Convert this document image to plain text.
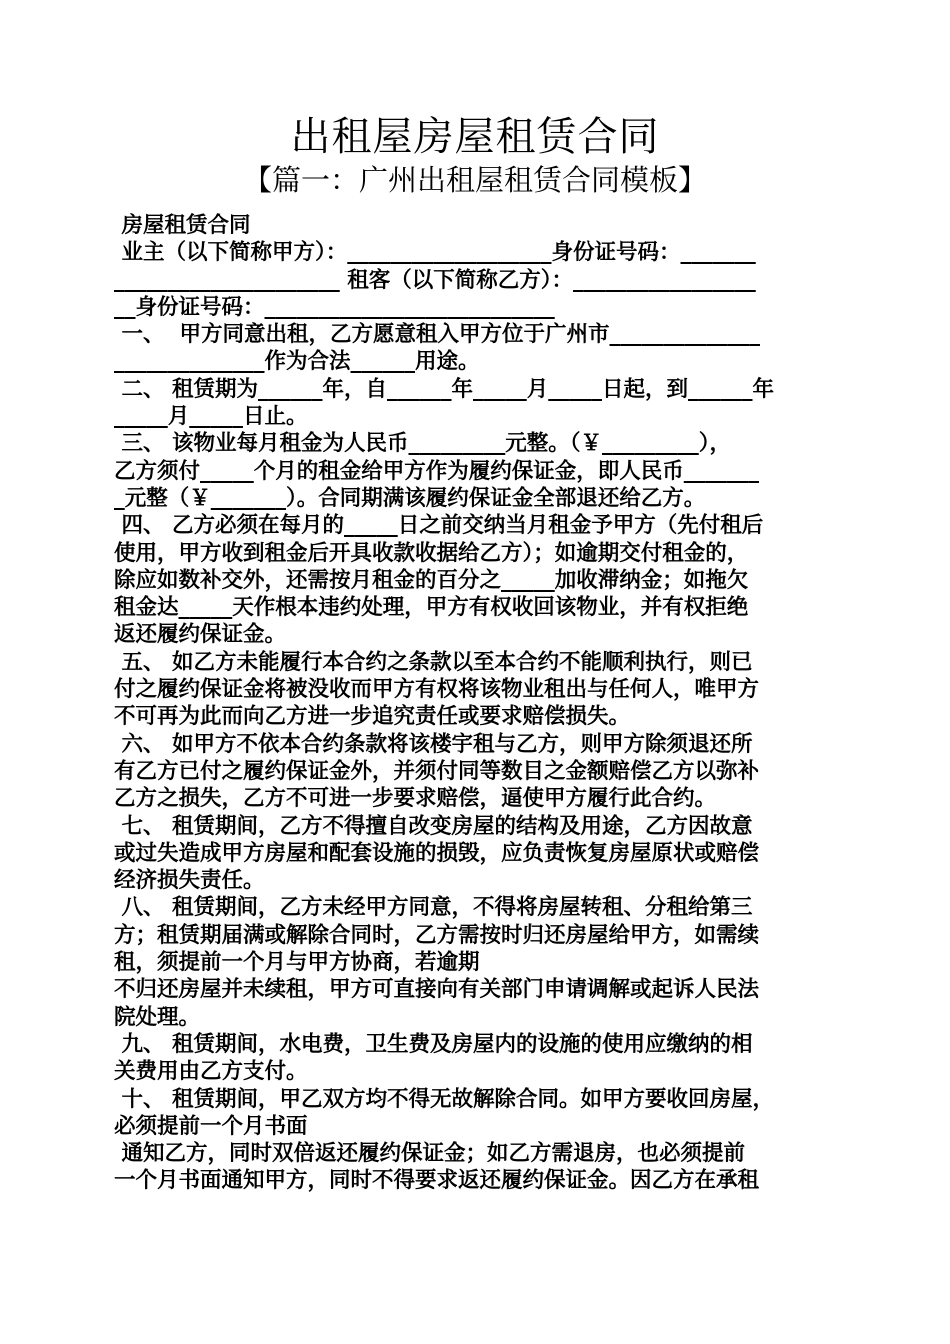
出租屋房屋租赁合同
【篇一：广州出租屋租赁合同模板】
房屋租赁合同
业主（以下简称甲方）：___________________身份证号码：_______
_____________________ 租客（以下简称乙方）：_________________
__身份证号码：___________________________
一、  甲方同意出租，乙方愿意租入甲方位于广州市______________
______________作为合法______用途。
二、 租赁期为______年，自______年_____月_____日起，到______年
_____月_____日止。
三、 该物业每月租金为人民币_________元整。（￥_________），
乙方须付_____个月的租金给甲方作为履约保证金，即人民币_______
_元整（￥_______）。合同期满该履约保证金全部退还给乙方。
四、 乙方必须在每月的_____日之前交纳当月租金予甲方（先付租后
使用，甲方收到租金后开具收款收据给乙方）；如逾期交付租金的，
除应如数补交外，还需按月租金的百分之_____加收滞纳金；如拖欠
租金达_____天作根本违约处理，甲方有权收回该物业，并有权拒绝
返还履约保证金。
五、 如乙方未能履行本合约之条款以至本合约不能顺利执行，则已
付之履约保证金将被没收而甲方有权将该物业租出与任何人，唯甲方
不可再为此而向乙方进一步追究责任或要求赔偿损失。
六、 如甲方不依本合约条款将该楼宇租与乙方，则甲方除须退还所
有乙方已付之履约保证金外，并须付同等数目之金额赔偿乙方以弥补
乙方之损失，乙方不可进一步要求赔偿，逼使甲方履行此合约。
七、 租赁期间，乙方不得擅自改变房屋的结构及用途，乙方因故意
或过失造成甲方房屋和配套设施的损毁，应负责恢复房屋原状或赔偿
经济损失责任。
八、 租赁期间，乙方未经甲方同意，不得将房屋转租、分租给第三
方；租赁期届满或解除合同时，乙方需按时归还房屋给甲方，如需续
租，须提前一个月与甲方协商，若逾期
不归还房屋并未续租，甲方可直接向有关部门申请调解或起诉人民法
院处理。
九、 租赁期间，水电费，卫生费及房屋内的设施的使用应缴纳的相
关费用由乙方支付。
十、 租赁期间，甲乙双方均不得无故解除合同。如甲方要收回房屋，
必须提前一个月书面
通知乙方，同时双倍返还履约保证金；如乙方需退房，也必须提前
一个月书面通知甲方，同时不得要求返还履约保证金。因乙方在承租
